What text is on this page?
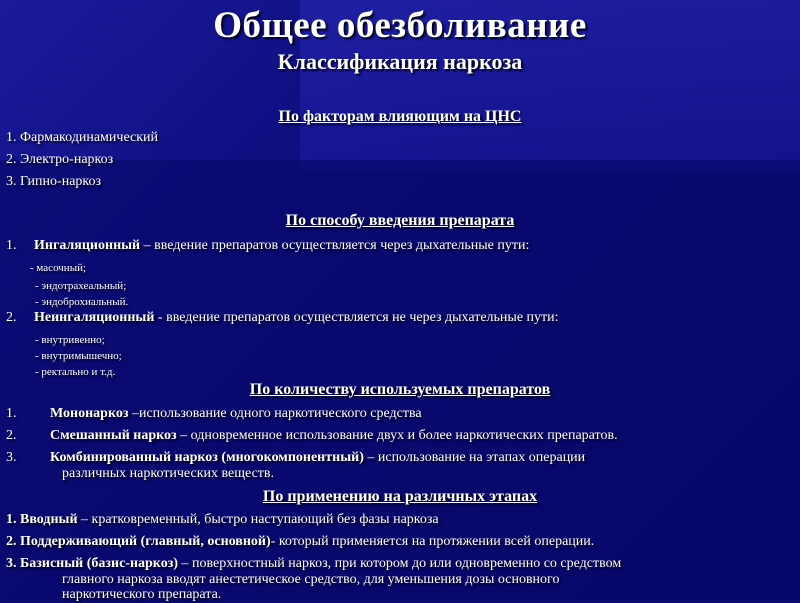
Общее обезболивание
Классификация наркоза
По факторам влияющим на ЦНС
1. Фармакодинамический
2. Электро-наркоз
3. Гипно-наркоз
По способу введения препарата
1. Ингаляционный – введение препаратов осуществляется через дыхательные пути:
- масочный;
- эндотрахеальный;
- эндоброхиальный.
2. Неингаляционный - введение препаратов осуществляется не через дыхательные пути:
- внутривенно;
- внутримышечно;
- ректально и т.д.
По количеству используемых препаратов
1. Мононаркоз –использование одного наркотического средства
2. Смешанный наркоз – одновременное использование двух и более наркотических препаратов.
3. Комбинированный наркоз (многокомпонентный) – использование на этапах операции
различных наркотических веществ.
По применению на различных этапах
1. Вводный – кратковременный, быстро наступающий без фазы наркоза
2. Поддерживающий (главный, основной)- который применяется на протяжении всей операции.
3. Базисный (базис-наркоз) – поверхностный наркоз, при котором до или одновременно со средством
главного наркоза вводят анестетическое средство, для уменьшения дозы основного
наркотического препарата.
